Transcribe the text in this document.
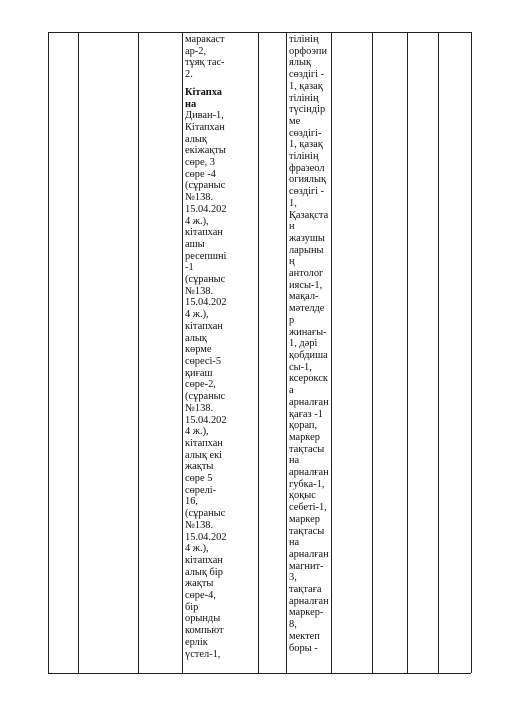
маракаст
ар-2,
тұяқ тас-
2.
Кітапха
на
Диван-1,
Кітапхан
алық
екіжақты
сөре, 3
сөре -4
(сұраныс
№138.
15.04.202
4 ж.),
кітапхан
ашы
ресепшні
-1
(сұраныс
№138.
15.04.202
4 ж.),
кітапхан
алық
көрме
сөресі-5
қиғаш
сөре-2,
(сұраныс
№138.
15.04.202
4 ж.),
кітапхан
алық екі
жақты
сөре 5
сөрелі-
16,
(сұраныс
№138.
15.04.202
4 ж.),
кітапхан
алық бір
жақты
сөре-4,
бір
орынды
компьют
ерлік
үстел-1,
тілінің
орфоэпи
ялық
сөздігі -
1, қазақ
тілінің
түсіндір
ме
сөздігі-
1, қазақ
тілінің
фразеол
огиялық
сөздігі -
1,
Қазақста
н
жазушы
ларыны
ң
антолог
иясы-1,
мақал-
мәтелде
р
жинағы-
1, дәрі
қобдиша
сы-1,
ксерокск
а
арналған
қағаз -1
қорап,
маркер
тақтасы
на
арналған
губка-1,
қоқыс
себеті-1,
маркер
тақтасы
на
арналған
магнит-
3,
тақтаға
арналған
маркер-
8,
мектеп
боры -
